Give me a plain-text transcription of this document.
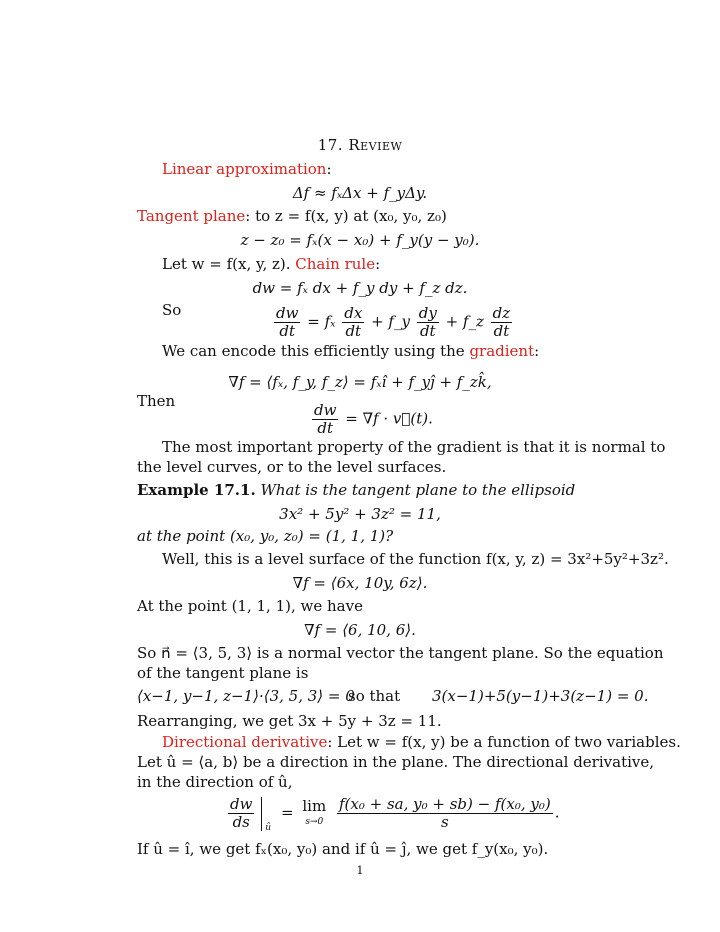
17. Review
Linear approximation:
Δf ≈ fₓΔx + f_yΔy.
Tangent plane: to z = f(x, y) at (x₀, y₀, z₀)
z − z₀ = fₓ(x − x₀) + f_y(y − y₀).
Let w = f(x, y, z). Chain rule:
dw = fₓ dx + f_y dy + f_z dz.
So	$\frac{dw}{dt} = f_x \frac{dx}{dt}$ + f_y $\frac{dy}{dt}$ + f_z $\frac{dz}{dt}$
We can encode this efficiently using the gradient:
∇f = ⟨fₓ, f_y, f_z⟩ = fₓî + f_yĵ + f_zk̂,
Then
$\frac{dw}{dt} = \nabla f$ · v⃗(t).
The most important property of the gradient is that it is normal to
the level curves, or to the level surfaces.
Example 17.1. What is the tangent plane to the ellipsoid
3x² + 5y² + 3z² = 11,
at the point (x₀, y₀, z₀) = (1, 1, 1)?
Well, this is a level surface of the function f(x, y, z) = 3x²+5y²+3z².
∇f = ⟨6x, 10y, 6z⟩.
At the point (1, 1, 1), we have
∇f = ⟨6, 10, 6⟩.
So n⃗ = ⟨3, 5, 3⟩ is a normal vector the tangent plane. So the equation
of the tangent plane is
⟨x−1, y−1, z−1⟩·⟨3, 5, 3⟩ = 0
so that 3(x−1)+5(y−1)+3(z−1) = 0.
Rearranging, we get 3x + 5y + 3z = 11.
Directional derivative: Let w = f(x, y) be a function of two variables.
Let û = ⟨a, b⟩ be a direction in the plane. The directional derivative,
in the direction of û,
$\frac{dw}{ds}$
û
= lim
s→0
$\frac{\text{f(x₀ + sa, y₀ + sb) − f(x₀, y₀)}}{s}$ .
If û = î, we get fₓ(x₀, y₀) and if û = ĵ, we get f_y(x₀, y₀).
1
